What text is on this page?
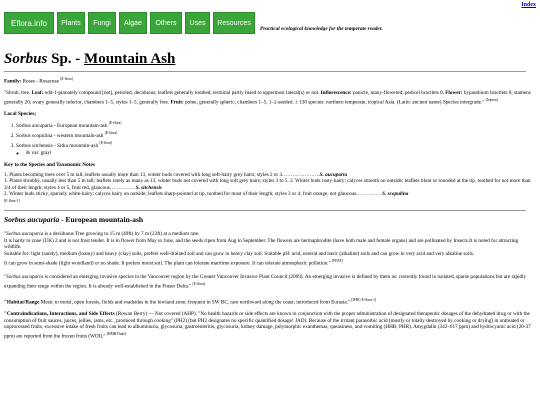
Index
Eflora.info	Plants	Fungi	Algae	Others	Uses	Resources
Practical ecological knowledge for the temperate reader.
Sorbus Sp. - Mountain Ash

Family: Roses - Rosaceae [E-flora]

"Shrub, tree. Leaf: odd-1-pinnately compound [not], petioled, deciduous; leaflets generally toothed, terminal partly fused to uppermost lateral(s) or not. Inflorescence: panicle, many-flowered; pedicel bractlets 0. Flower: hypanthium bractlets 0, stamens generally 20; ovary generally inferior, chambers 1–5, styles 1–5, generally free. Fruit: pome, generally spheric, chambers 1–5, 1–2-seeded. ± 130 species: northern temperate, tropical Asia. (Latin: ancient name) Species intergrade." [Jepson]

Local Species;
1. Sorbus aucuparia - European mountain-ash [E-flora]
2. Sorbus scopulina - western mountain-ash [E-flora]
3. Sorbus sitchensis - Sitka mountain-ash [E-flora]
◦ & var. grayi
Key to the Species and Taxonomic Notes

1. Plants becoming trees over 5 m tall; leaflets usually more than 13, winter buds covered with long soft-hairy grey hairs; styles 2 or 3………………….S. aucuparia

1. Plants shrubby, usually less than 5 m tall; leaflets rarely as many as 13, winter buds not covered with long soft grey hairs; styles 3 to 5. 2. Winter buds rusty-hairy; calyces smooth on outside; leaflets blunt or rounded at the tip, toothed for not more than 3/4 of their length; styles 4 or 5, fruit red, glaucous……………S. sitchensis

2. Winter buds sticky, sparsely white-hairy; calyces hairy on outside; leaflets sharp-pointed at tip, toothed for most of their length; styles 3 or 4; fruit orange, not glaucous……………S. scopulina
[E-flora-1]

Sorbus aucuparia - European mountain-ash

"Sorbus aucuparia is a deciduous Tree growing to 15 m (49ft) by 7 m (23ft) at a medium rate.
It is hardy to zone (UK) 2 and is not frost tender. It is in flower from May to June, and the seeds ripen from Aug to September. The flowers are hermaphrodite (have both male and female organs) and are pollinated by Insects.It is noted for attracting wildlife.
Suitable for: light (sandy), medium (loamy) and heavy (clay) soils, prefers well-drained soil and can grow in heavy clay soil. Suitable pH: acid, neutral and basic (alkaline) soils and can grow in very acid and very alkaline soils.
It can grow in semi-shade (light woodland) or no shade. It prefers moist soil. The plant can tolerate maritime exposure. It can tolerate atmospheric pollution." [PFAF]

"Sorbus aucuparia is considered an emerging invasive species in the Vancouver region by the Greater Vancouver Invasive Plant Council (2009). An emerging invasive is defined by them as: currently found in isolated, sparse populations but are rapidly expanding their range within the region. It is already well-established in the Fraser Delta." [E-flora]

"Habitat/Range Mesic to moist, open forests, fields and roadsides in the lowland zone; frequent in SW BC, rare northward along the coast; introduced from Eurasia." [IFBC-E-flora-1]

"Contraindications, Interactions, and Side Effects (Rowan Berry) — Not covered (AHP). "No health hazards or side effects are known in conjunction with the proper administration of designated therapeutic dosages of the dehydrated drug or with the consumption of fruit sauces, juices, jellies, jams, etc., produced through cooking" (PH2) (but PH2 designates no specific quantified dosage! JAD). Because of the irritant parasorbic acid (mostly or totally destroyed by cooking or drying) in untreated or unprocessed fruits, excessive intake of fresh fruits can lead to albuminuria, glycosuria, gastroenteritis, glycosuria, kidney damage, polymorphic exanthemas, queasiness, and vomiting (HHB; PHR). Amygdalin (342–617 ppm) and hydrocyanic acid (20-37 ppm) are reported from the frozen fruits (WOI)." [HMH Duke]
